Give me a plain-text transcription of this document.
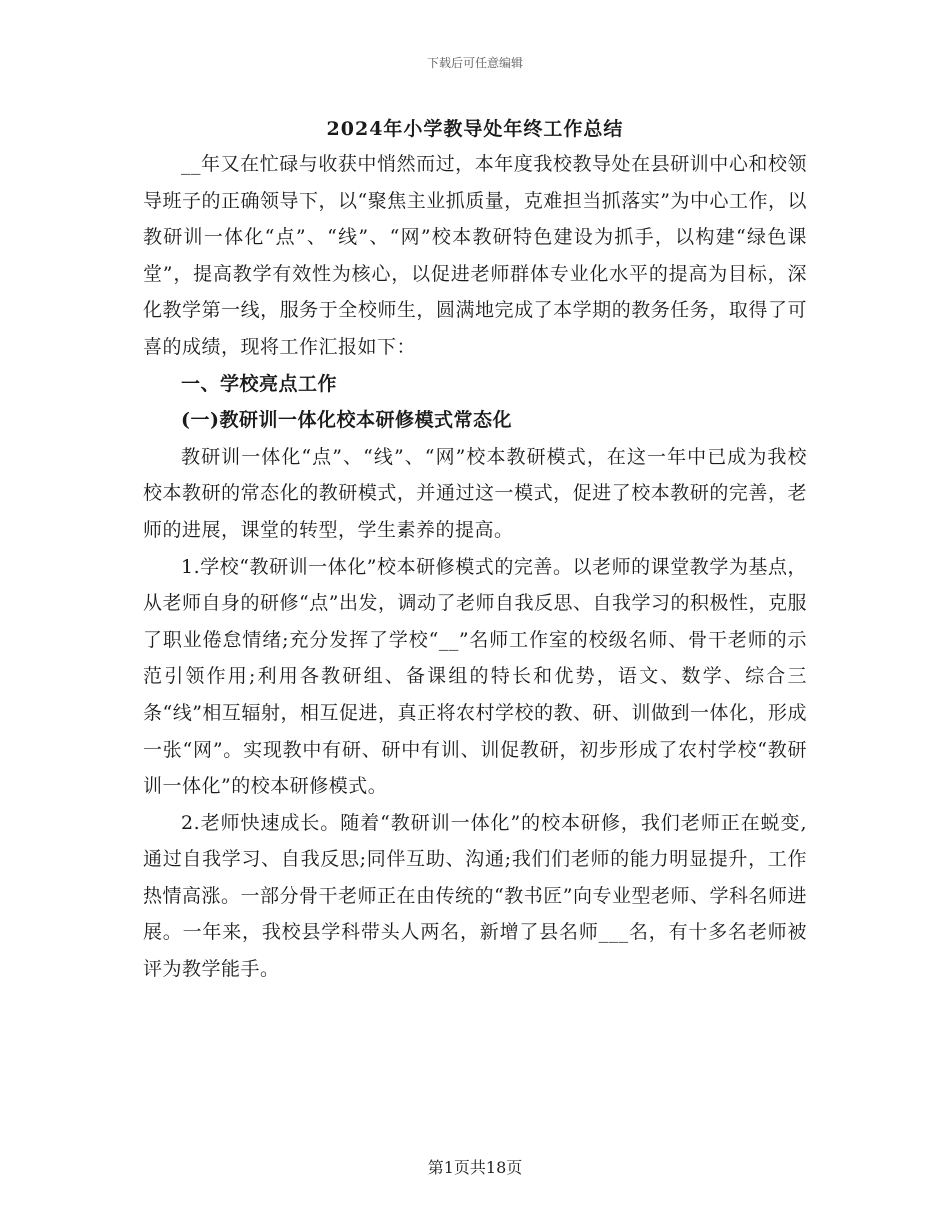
下载后可任意编辑
2024年小学教导处年终工作总结

__年又在忙碌与收获中悄然而过，本年度我校教导处在县研训中心和校领导班子的正确领导下，以“聚焦主业抓质量，克难担当抓落实”为中心工作，以教研训一体化“点”、“线”、“网”校本教研特色建设为抓手，以构建“绿色课堂”，提高教学有效性为核心，以促进老师群体专业化水平的提高为目标，深化教学第一线，服务于全校师生，圆满地完成了本学期的教务任务，取得了可喜的成绩，现将工作汇报如下：

一、学校亮点工作

(一)教研训一体化校本研修模式常态化

教研训一体化“点”、“线”、“网”校本教研模式，在这一年中已成为我校校本教研的常态化的教研模式，并通过这一模式，促进了校本教研的完善，老师的进展，课堂的转型，学生素养的提高。

1.学校“教研训一体化”校本研修模式的完善。以老师的课堂教学为基点，从老师自身的研修“点”出发，调动了老师自我反思、自我学习的积极性，克服了职业倦怠情绪;充分发挥了学校“__”名师工作室的校级名师、骨干老师的示范引领作用;利用各教研组、备课组的特长和优势，语文、数学、综合三条“线”相互辐射，相互促进，真正将农村学校的教、研、训做到一体化，形成一张“网”。实现教中有研、研中有训、训促教研，初步形成了农村学校“教研训一体化”的校本研修模式。

2.老师快速成长。随着“教研训一体化”的校本研修，我们老师正在蜕变,通过自我学习、自我反思;同伴互助、沟通;我们们老师的能力明显提升，工作热情高涨。一部分骨干老师正在由传统的“教书匠”向专业型老师、学科名师进展。一年来，我校县学科带头人两名，新增了县名师___名，有十多名老师被评为教学能手。

第1页共18页
